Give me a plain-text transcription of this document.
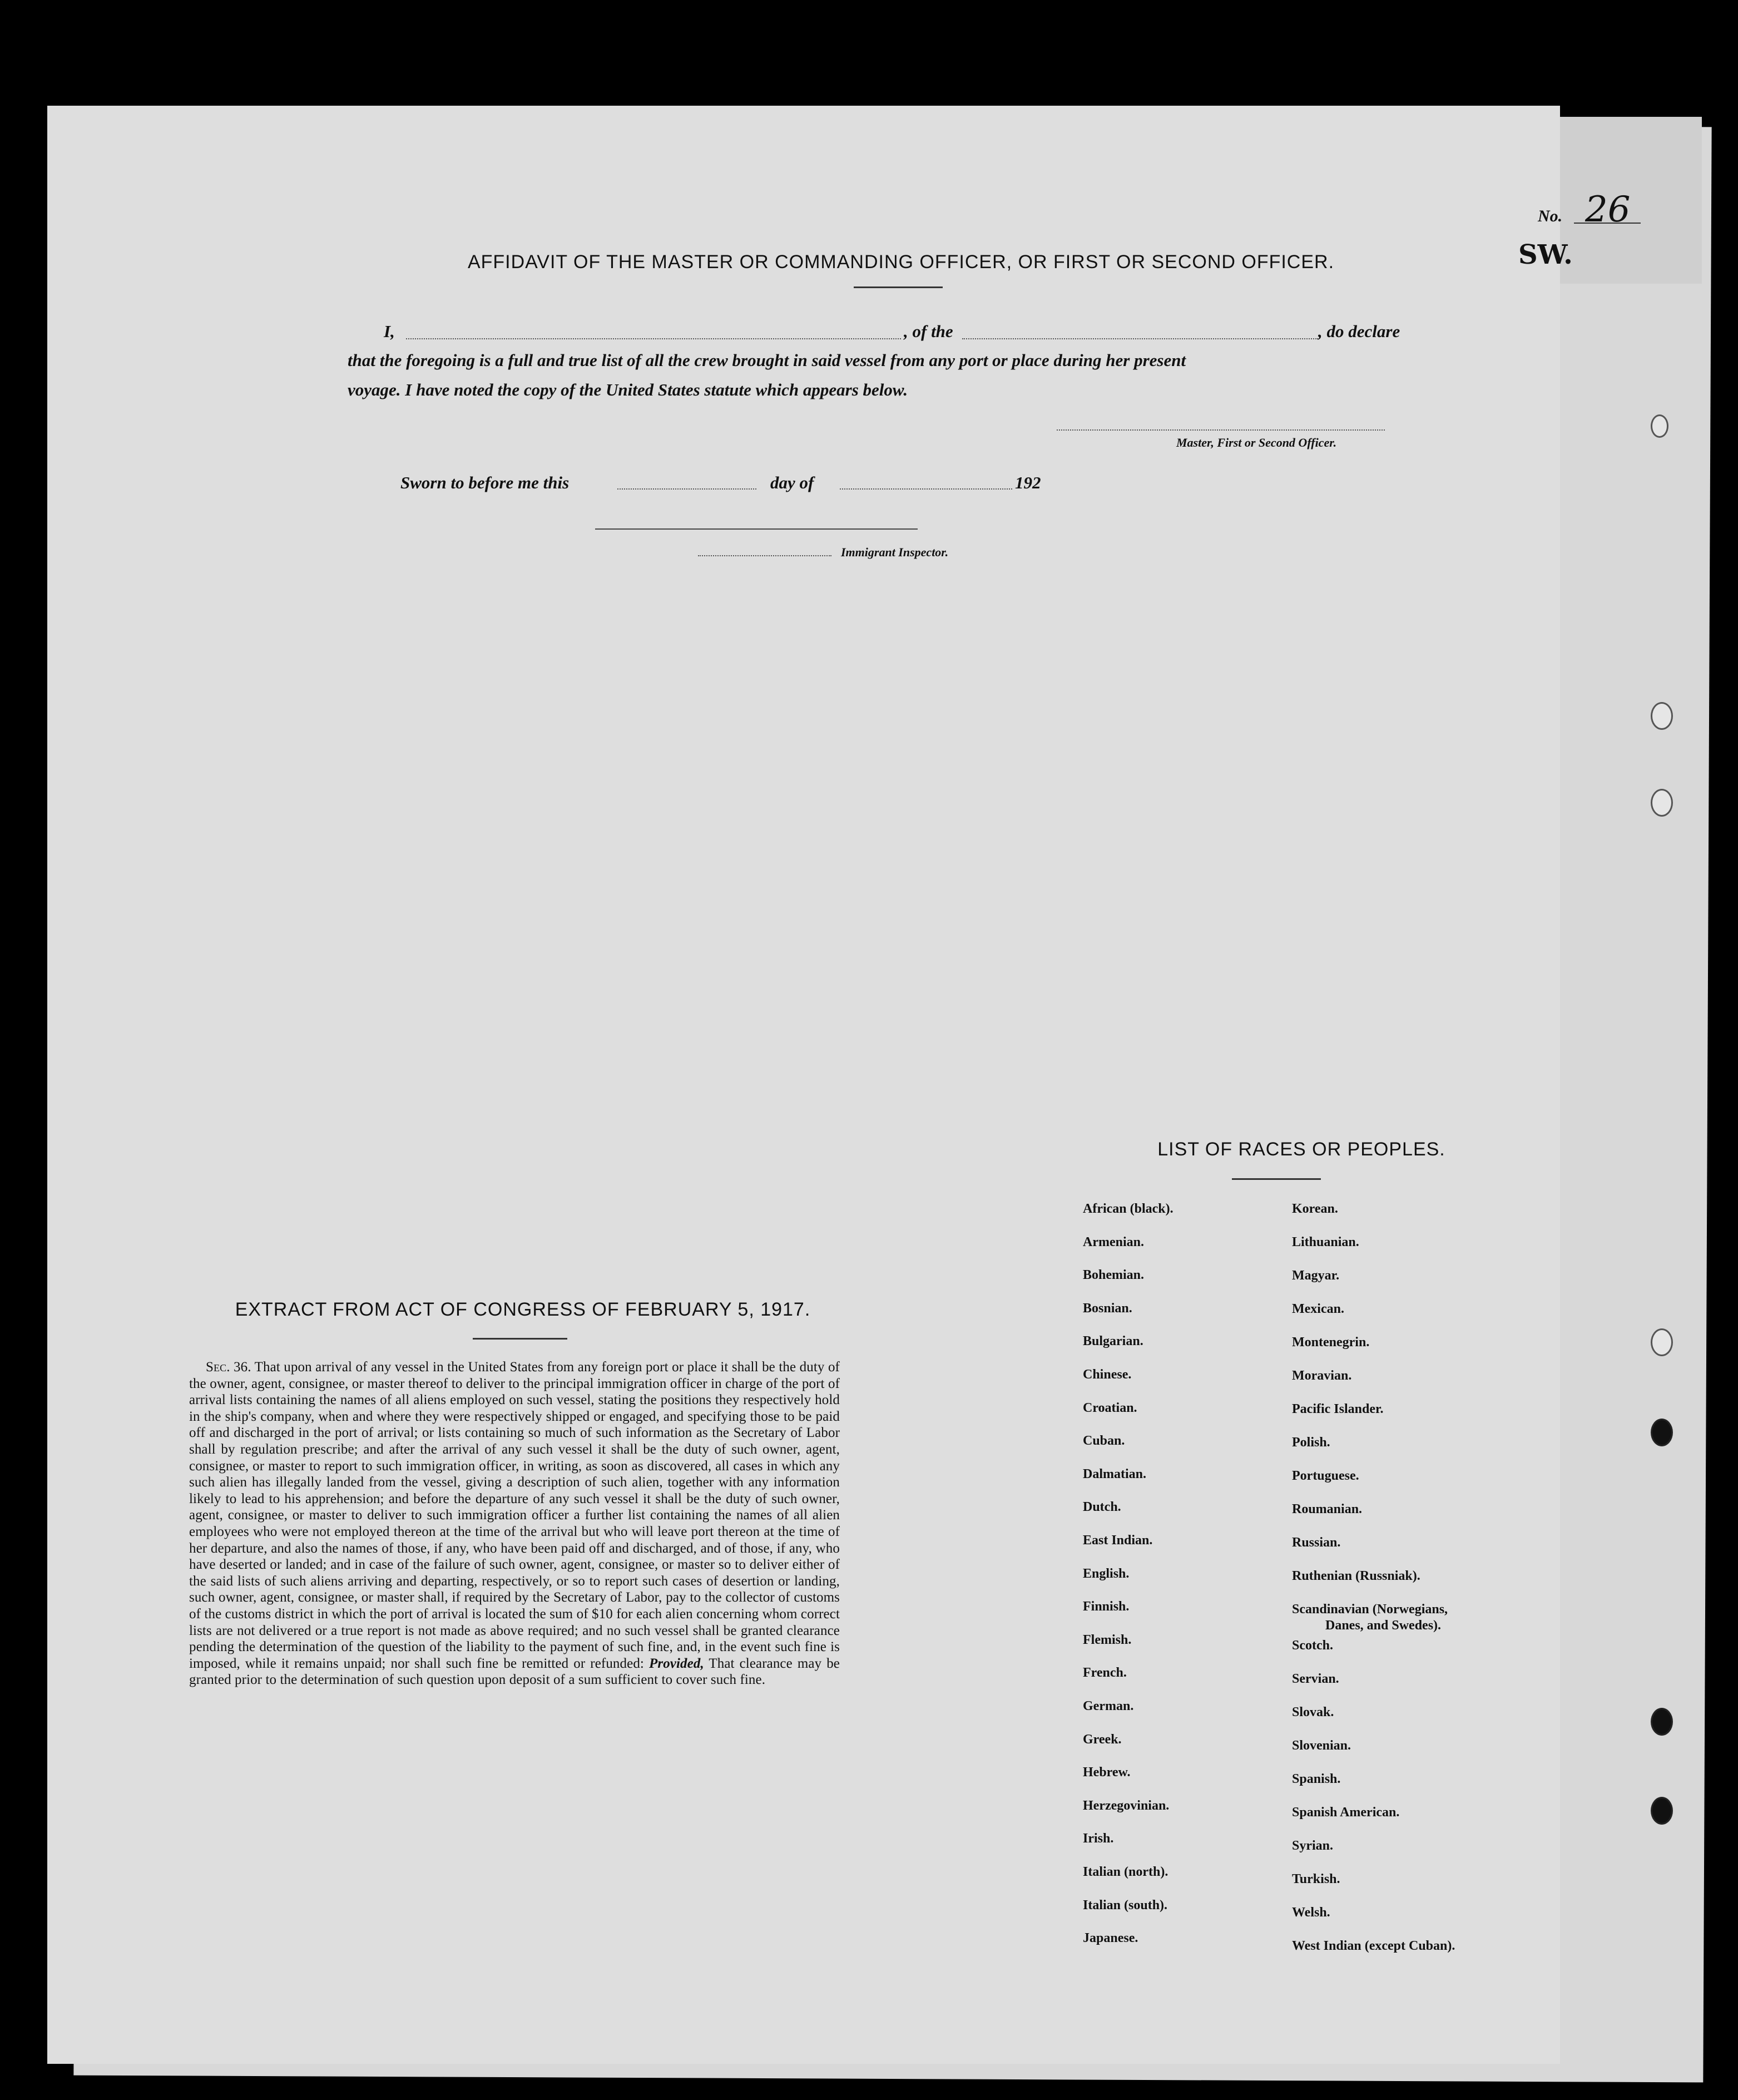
No. 26
SW.
AFFIDAVIT OF THE MASTER OR COMMANDING OFFICER, OR FIRST OR SECOND OFFICER.
I,	, of the	, do declare
that the foregoing is a full and true list of all the crew brought in said vessel from any port or place during her present
voyage. I have noted the copy of the United States statute which appears below.
Master, First or Second Officer.
Sworn to before me this	day of	192
Immigrant Inspector.
EXTRACT FROM ACT OF CONGRESS OF FEBRUARY 5, 1917.
Sec. 36. That upon arrival of any vessel in the United States from any foreign port or place it shall be the duty of the owner, agent, consignee, or master thereof to deliver to the principal immigration officer in charge of the port of arrival lists containing the names of all aliens employed on such vessel, stating the positions they respectively hold in the ship's company, when and where they were respectively shipped or engaged, and specifying those to be paid off and discharged in the port of arrival; or lists containing so much of such information as the Secretary of Labor shall by regulation prescribe; and after the arrival of any such vessel it shall be the duty of such owner, agent, consignee, or master to report to such immigration officer, in writing, as soon as discovered, all cases in which any such alien has illegally landed from the vessel, giving a description of such alien, together with any information likely to lead to his apprehension; and before the departure of any such vessel it shall be the duty of such owner, agent, consignee, or master to deliver to such immigration officer a further list containing the names of all alien employees who were not employed thereon at the time of the arrival but who will leave port thereon at the time of her departure, and also the names of those, if any, who have been paid off and discharged, and of those, if any, who have deserted or landed; and in case of the failure of such owner, agent, consignee, or master so to deliver either of the said lists of such aliens arriving and departing, respectively, or so to report such cases of desertion or landing, such owner, agent, consignee, or master shall, if required by the Secretary of Labor, pay to the collector of customs of the customs district in which the port of arrival is located the sum of $10 for each alien concerning whom correct lists are not delivered or a true report is not made as above required; and no such vessel shall be granted clearance pending the determination of the question of the liability to the payment of such fine, and, in the event such fine is imposed, while it remains unpaid; nor shall such fine be remitted or refunded: Provided, That clearance may be granted prior to the determination of such question upon deposit of a sum sufficient to cover such fine.
LIST OF RACES OR PEOPLES.
African (black).
Armenian.
Bohemian.
Bosnian.
Bulgarian.
Chinese.
Croatian.
Cuban.
Dalmatian.
Dutch.
East Indian.
English.
Finnish.
Flemish.
French.
German.
Greek.
Hebrew.
Herzegovinian.
Irish.
Italian (north).
Italian (south).
Japanese.
Korean.
Lithuanian.
Magyar.
Mexican.
Montenegrin.
Moravian.
Pacific Islander.
Polish.
Portuguese.
Roumanian.
Russian.
Ruthenian (Russniak).
Scandinavian (Norwegians,
Danes, and Swedes).
Scotch.
Servian.
Slovak.
Slovenian.
Spanish.
Spanish American.
Syrian.
Turkish.
Welsh.
West Indian (except Cuban).
